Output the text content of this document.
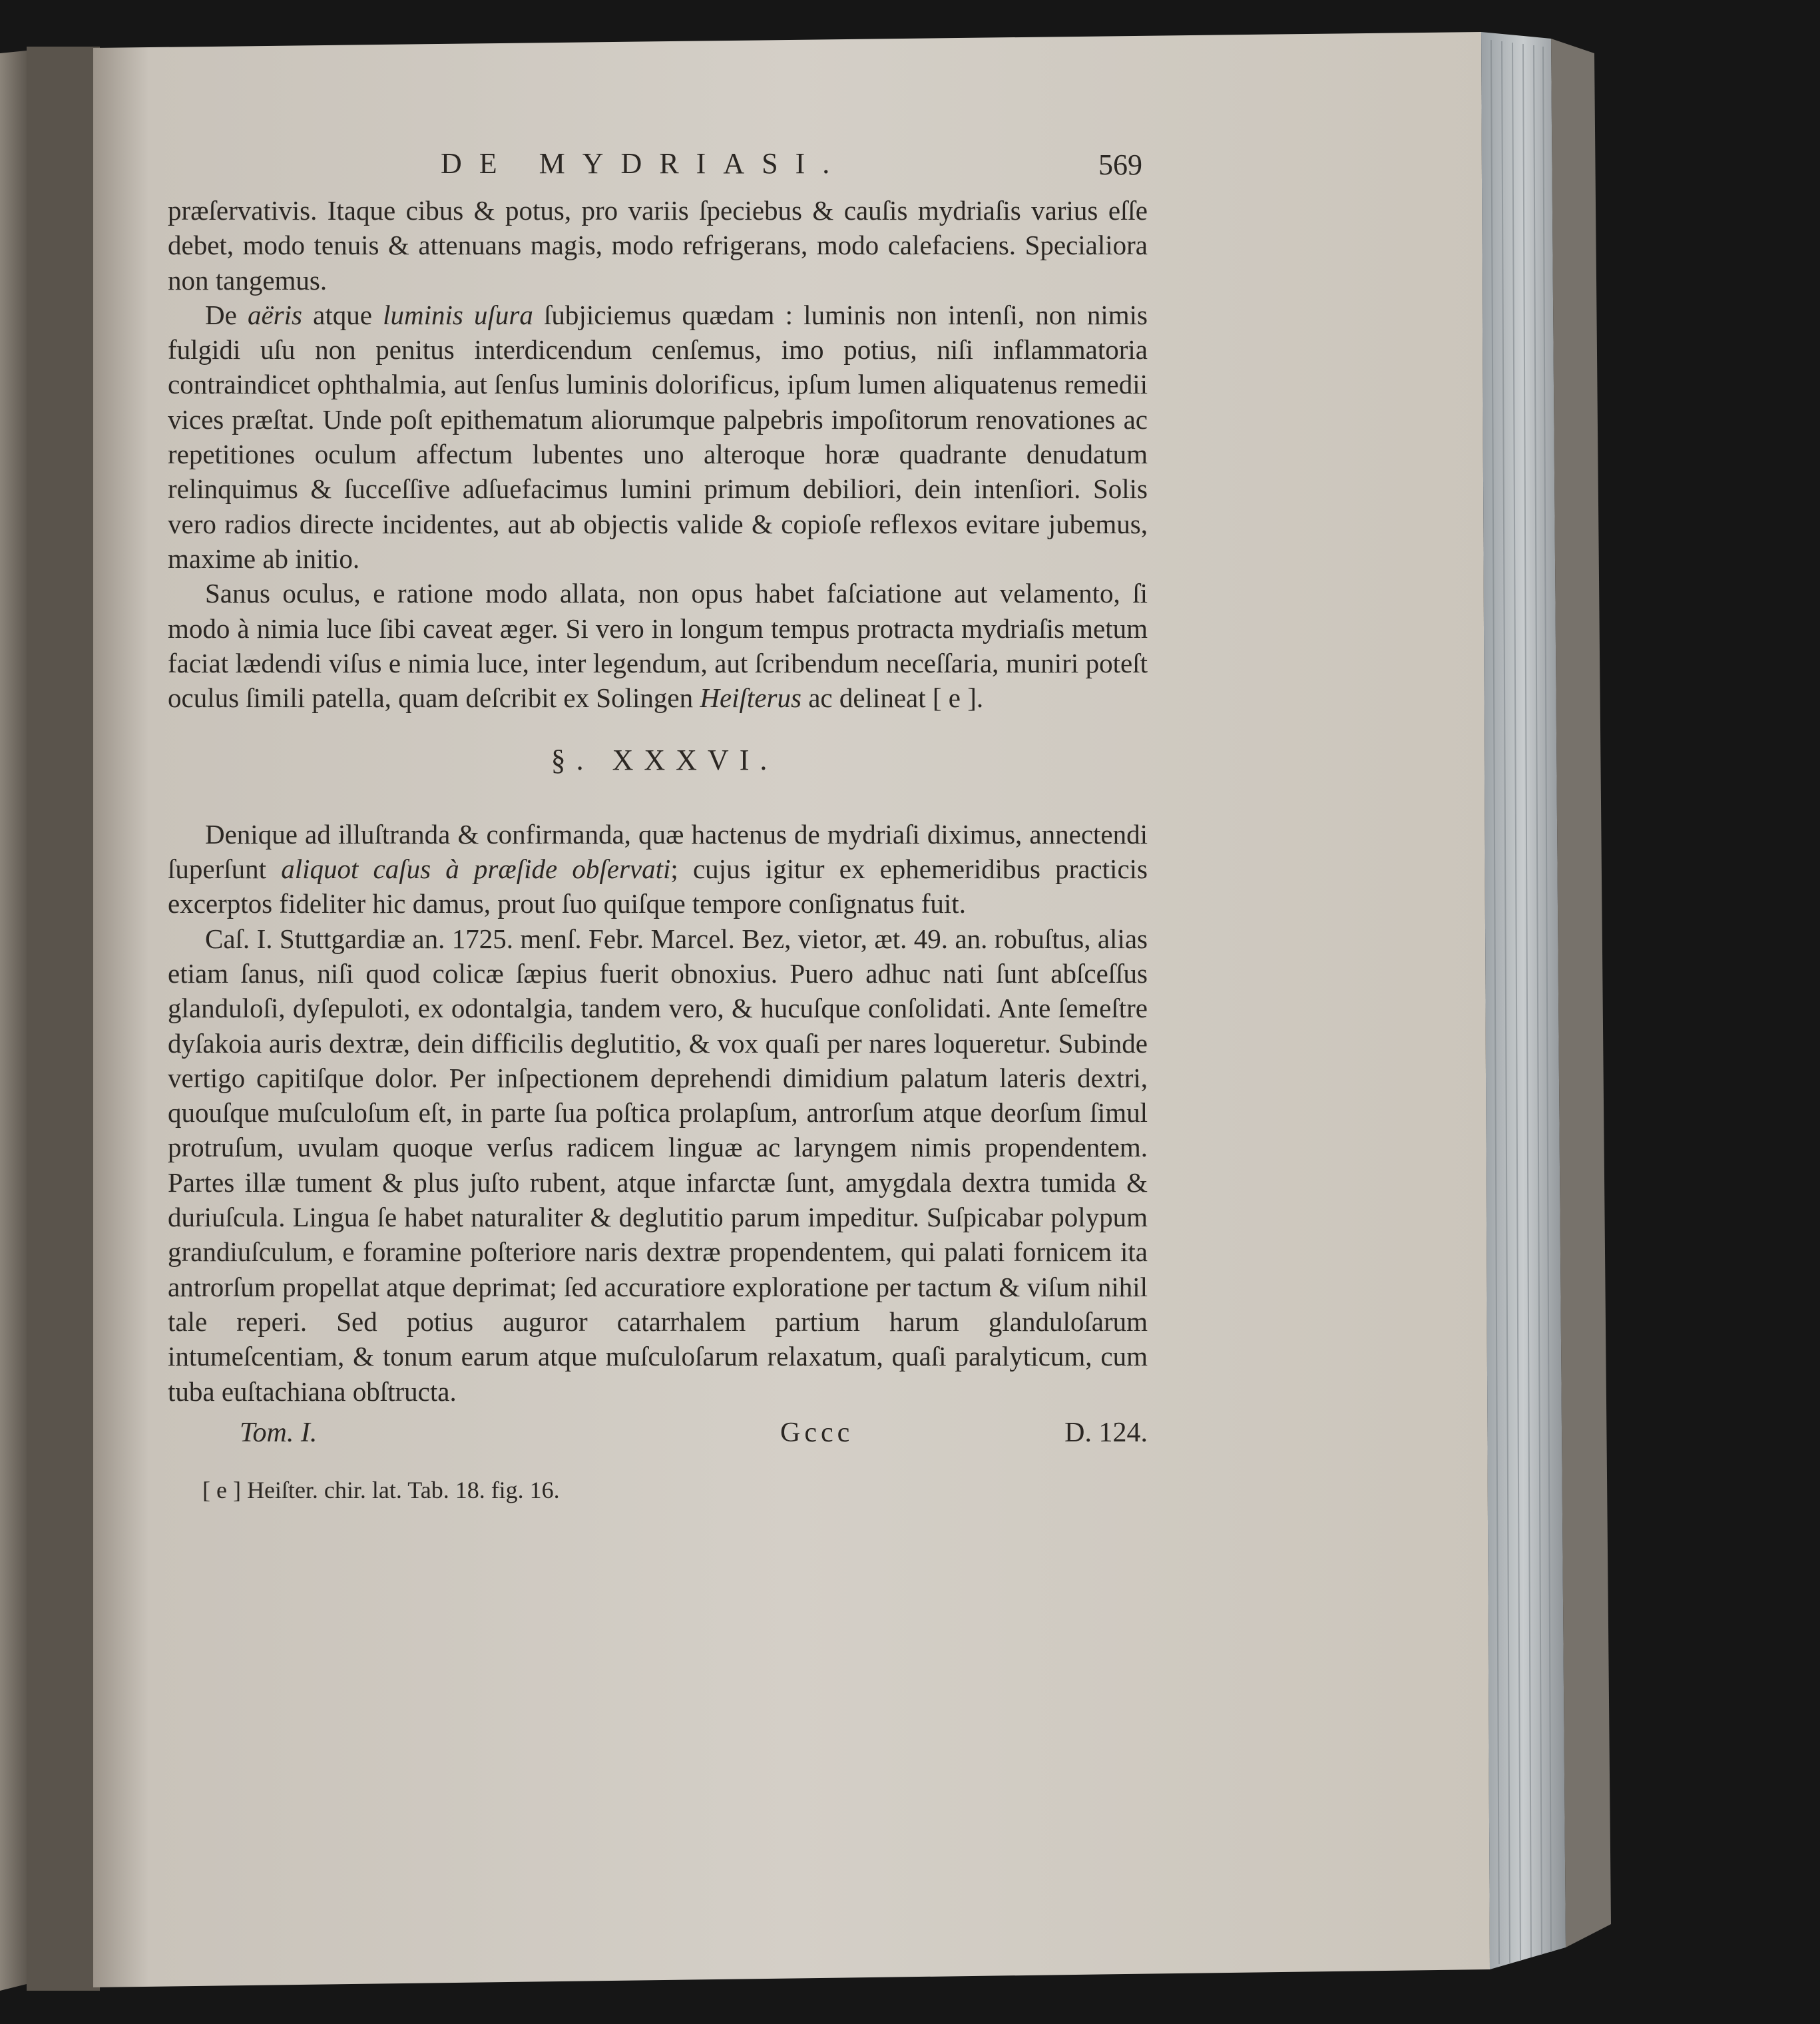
DE MYDRIASI.	569

præſervativis. Itaque cibus & potus, pro variis ſpeciebus & cauſis mydriaſis varius eſſe debet, modo tenuis & attenuans magis, modo refrigerans, modo calefaciens. Specialiora non tangemus.

De aëris atque luminis uſura ſubjiciemus quædam : luminis non intenſi, non nimis fulgidi uſu non penitus interdicendum cenſemus, imo potius, niſi inflammatoria contraindicet ophthalmia, aut ſenſus luminis dolorificus, ipſum lumen aliquatenus remedii vices præſtat. Unde poſt epithematum aliorumque palpebris impoſitorum renovationes ac repetitiones oculum affectum lubentes uno alteroque horæ quadrante denudatum relinquimus & ſucceſſive adſuefacimus lumini primum debiliori, dein intenſiori. Solis vero radios directe incidentes, aut ab objectis valide & copioſe reflexos evitare jubemus, maxime ab initio.

Sanus oculus, e ratione modo allata, non opus habet faſciatione aut velamento, ſi modo à nimia luce ſibi caveat æger. Si vero in longum tempus protracta mydriaſis metum faciat lædendi viſus e nimia luce, inter legendum, aut ſcribendum neceſſaria, muniri poteſt oculus ſimili patella, quam deſcribit ex Solingen Heiſterus ac delineat [ e ].

§. XXXVI.

Denique ad illuſtranda & confirmanda, quæ hactenus de mydriaſi diximus, annectendi ſuperſunt aliquot caſus à præſide obſervati; cujus igitur ex ephemeridibus practicis excerptos fideliter hic damus, prout ſuo quiſque tempore conſignatus fuit.

Caſ. I. Stuttgardiæ an. 1725. menſ. Febr. Marcel. Bez, vietor, æt. 49. an. robuſtus, alias etiam ſanus, niſi quod colicæ ſæpius fuerit obnoxius. Puero adhuc nati ſunt abſceſſus glanduloſi, dyſepuloti, ex odontalgia, tandem vero, & hucuſque conſolidati. Ante ſemeſtre dyſakoia auris dextræ, dein difficilis deglutitio, & vox quaſi per nares loqueretur. Subinde vertigo capitiſque dolor. Per inſpectionem deprehendi dimidium palatum lateris dextri, quouſque muſculoſum eſt, in parte ſua poſtica prolapſum, antrorſum atque deorſum ſimul protruſum, uvulam quoque verſus radicem linguæ ac laryngem nimis propendentem. Partes illæ tument & plus juſto rubent, atque infarctæ ſunt, amygdala dextra tumida & duriuſcula. Lingua ſe habet naturaliter & deglutitio parum impeditur. Suſpicabar polypum grandiuſculum, e foramine poſteriore naris dextræ propendentem, qui palati fornicem ita antrorſum propellat atque deprimat; ſed accuratiore exploratione per tactum & viſum nihil tale reperi. Sed potius auguror catarrhalem partium harum glanduloſarum intumeſcentiam, & tonum earum atque muſculoſarum relaxatum, quaſi paralyticum, cum tuba euſtachiana obſtructa.

Tom. I.	Gccc	D. 124.
[ e ] Heiſter. chir. lat. Tab. 18. fig. 16.
